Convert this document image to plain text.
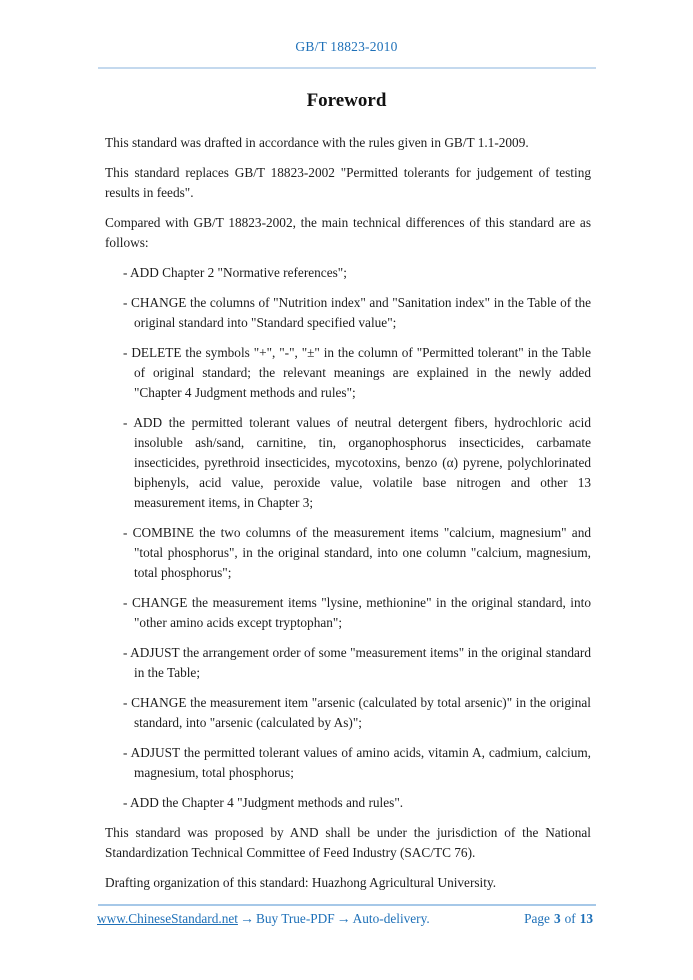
GB/T 18823-2010
Foreword

This standard was drafted in accordance with the rules given in GB/T 1.1-2009.

This standard replaces GB/T 18823-2002 "Permitted tolerants for judgement of testing results in feeds".

Compared with GB/T 18823-2002, the main technical differences of this standard are as follows:

- ADD Chapter 2 "Normative references";
- CHANGE the columns of "Nutrition index" and "Sanitation index" in the Table of the original standard into "Standard specified value";
- DELETE the symbols "+", "-", "±" in the column of "Permitted tolerant" in the Table of original standard; the relevant meanings are explained in the newly added "Chapter 4 Judgment methods and rules";
- ADD the permitted tolerant values of neutral detergent fibers, hydrochloric acid insoluble ash/sand, carnitine, tin, organophosphorus insecticides, carbamate insecticides, pyrethroid insecticides, mycotoxins, benzo (α) pyrene, polychlorinated biphenyls, acid value, peroxide value, volatile base nitrogen and other 13 measurement items, in Chapter 3;
- COMBINE the two columns of the measurement items "calcium, magnesium" and "total phosphorus", in the original standard, into one column "calcium, magnesium, total phosphorus";
- CHANGE the measurement items "lysine, methionine" in the original standard, into "other amino acids except tryptophan";
- ADJUST the arrangement order of some "measurement items" in the original standard in the Table;
- CHANGE the measurement item "arsenic (calculated by total arsenic)" in the original standard, into "arsenic (calculated by As)";
- ADJUST the permitted tolerant values of amino acids, vitamin A, cadmium, calcium, magnesium, total phosphorus;
- ADD the Chapter 4 "Judgment methods and rules".

This standard was proposed by AND shall be under the jurisdiction of the National Standardization Technical Committee of Feed Industry (SAC/TC 76).

Drafting organization of this standard: Huazhong Agricultural University.

www.ChineseStandard.net → Buy True-PDF → Auto-delivery.	Page 3 of 13
